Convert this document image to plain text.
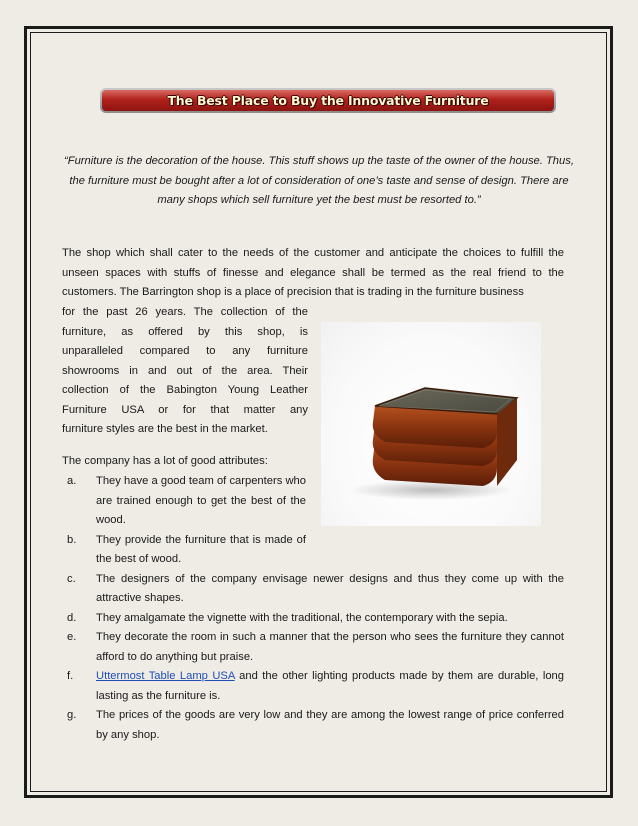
The Best Place to Buy the Innovative Furniture
“Furniture is the decoration of the house. This stuff shows up the taste of the owner of the house. Thus, the furniture must be bought after a lot of consideration of one’s taste and sense of design. There are many shops which sell furniture yet the best must be resorted to.”
The shop which shall cater to the needs of the customer and anticipate the choices to fulfill the unseen spaces with stuffs of finesse and elegance shall be termed as the real friend to the customers. The Barrington shop is a place of precision that is trading in the furniture business
for the past 26 years. The collection of the
furniture, as offered by this shop, is
unparalleled compared to any furniture
showrooms in and out of the area. Their
collection of the Babington Young Leather
Furniture USA or for that matter any
furniture styles are the best in the market.
The company has a lot of good attributes:
a. They have a good team of carpenters who are trained enough to get the best of the wood.
b. They provide the furniture that is made of the best of wood.
c. The designers of the company envisage newer designs and thus they come up with the attractive shapes.
d. They amalgamate the vignette with the traditional, the contemporary with the sepia.
e. They decorate the room in such a manner that the person who sees the furniture they cannot afford to do anything but praise.
f. Uttermost Table Lamp USA and the other lighting products made by them are durable, long lasting as the furniture is.
g. The prices of the goods are very low and they are among the lowest range of price conferred by any shop.
